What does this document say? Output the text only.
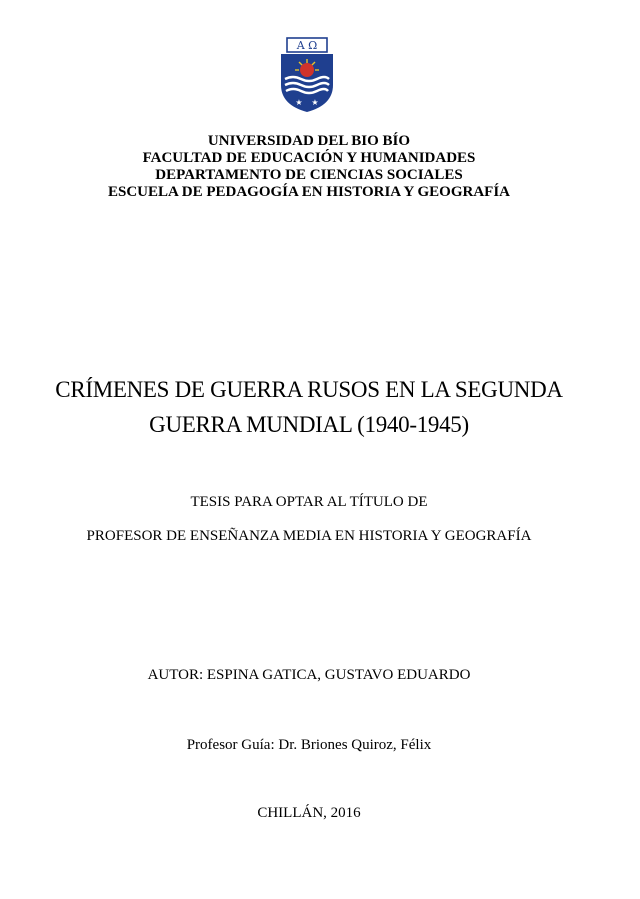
A Ω
★ ★
UNIVERSIDAD DEL BIO BÍO
FACULTAD DE EDUCACIÓN Y HUMANIDADES
DEPARTAMENTO DE CIENCIAS SOCIALES
ESCUELA DE PEDAGOGÍA EN HISTORIA Y GEOGRAFÍA
CRÍMENES DE GUERRA RUSOS EN LA SEGUNDA
GUERRA MUNDIAL (1940-1945)
TESIS PARA OPTAR AL TÍTULO DE
PROFESOR DE ENSEÑANZA MEDIA EN HISTORIA Y GEOGRAFÍA
AUTOR: ESPINA GATICA, GUSTAVO EDUARDO
Profesor Guía: Dr. Briones Quiroz, Félix
CHILLÁN, 2016
